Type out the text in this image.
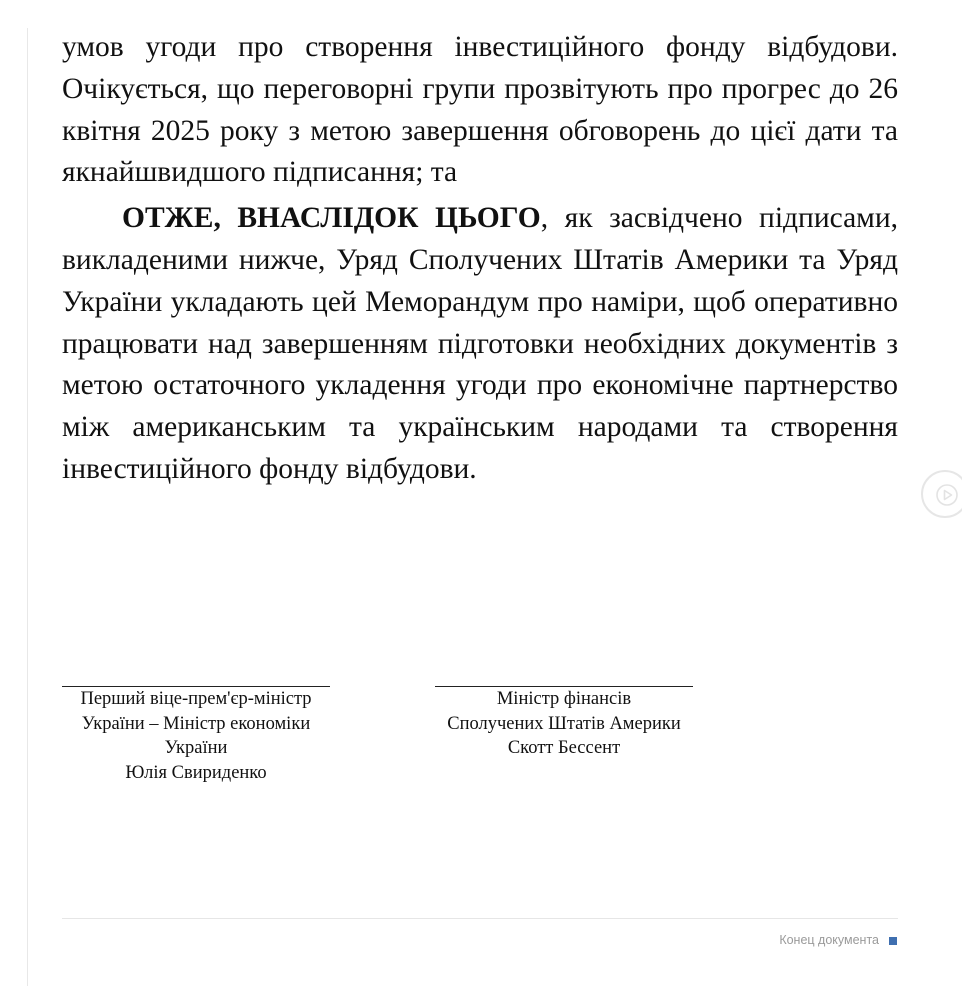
умов угоди про створення інвестиційного фонду відбудови. Очікується, що переговорні групи прозвітують про прогрес до 26 квітня 2025 року з метою завершення обговорень до цієї дати та якнайшвидшого підписання; та

ОТЖЕ, ВНАСЛІДОК ЦЬОГО, як засвідчено підписами, викладеними нижче, Уряд Сполучених Штатів Америки та Уряд України укладають цей Меморандум про наміри, щоб оперативно працювати над завершенням підготовки необхідних документів з метою остаточного укладення угоди про економічне партнерство між американським та українським народами та створення інвестиційного фонду відбудови.

Перший віце-прем'єр-міністр
України – Міністр економіки
України
Юлія Свириденко
Міністр фінансів
Сполучених Штатів Америки
Скотт Бессент
Конец документа
